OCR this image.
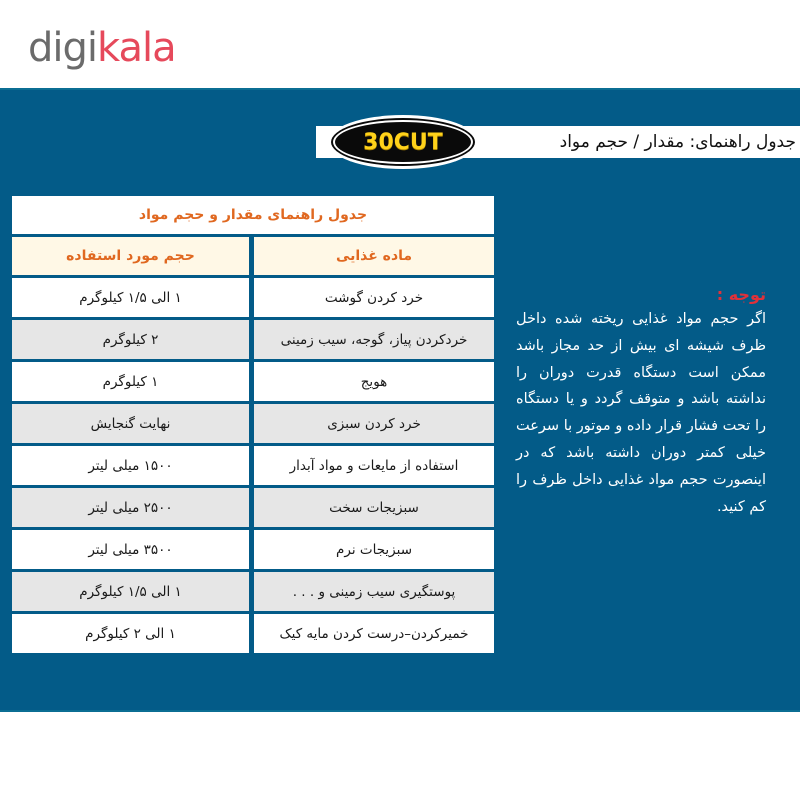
digikala
جدول راهنمای: مقدار / حجم مواد
30CUT
جدول راهنمای مقدار و حجم مواد
ماده غذایی
حجم مورد استفاده
خرد کردن گوشت
۱ الی ۱/۵ کیلوگرم
خردکردن پیاز، گوجه، سیب زمینی
۲ کیلوگرم
هویج
۱ کیلوگرم
خرد کردن سبزی
نهایت گنجایش
استفاده از مایعات و مواد آبدار
۱۵۰۰ میلی لیتر
سبزیجات سخت
۲۵۰۰ میلی لیتر
سبزیجات نرم
۳۵۰۰ میلی لیتر
پوستگیری سیب زمینی و . . .
۱ الی ۱/۵ کیلوگرم
خمیرکردن–درست کردن مایه کیک
۱ الی ۲ کیلوگرم
توجه :
اگر حجم مواد غذایی ریخته شده داخل ظرف شیشه ای بیش از حد مجاز باشد ممکن است دستگاه قدرت دوران را نداشته باشد و متوقف گردد و یا دستگاه را تحت فشار قرار داده و موتور با سرعت خیلی کمتر دوران داشته باشد که در اینصورت حجم مواد غذایی داخل ظرف را کم کنید.
